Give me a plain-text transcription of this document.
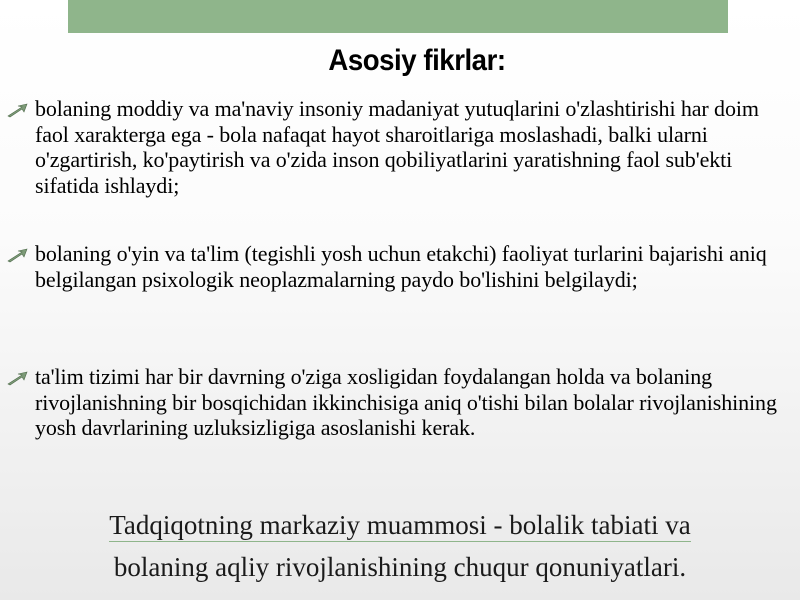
Asosiy fikrlar:
bolaning moddiy va ma'naviy insoniy madaniyat yutuqlarini o'zlashtirishi har doim faol xarakterga ega - bola nafaqat hayot sharoitlariga moslashadi, balki ularni o'zgartirish, ko'paytirish va o'zida inson qobiliyatlarini yaratishning faol sub'ekti sifatida ishlaydi;
bolaning o'yin va ta'lim (tegishli yosh uchun etakchi) faoliyat turlarini bajarishi aniq belgilangan psixologik neoplazmalarning paydo bo'lishini belgilaydi;
ta'lim tizimi har bir davrning o'ziga xosligidan foydalangan holda va bolaning rivojlanishning bir bosqichidan ikkinchisiga aniq o'tishi bilan bolalar rivojlanishining yosh davrlarining uzluksizligiga asoslanishi kerak.
Tadqiqotning markaziy muammosi - bolalik tabiati va
bolaning aqliy rivojlanishining chuqur qonuniyatlari.
